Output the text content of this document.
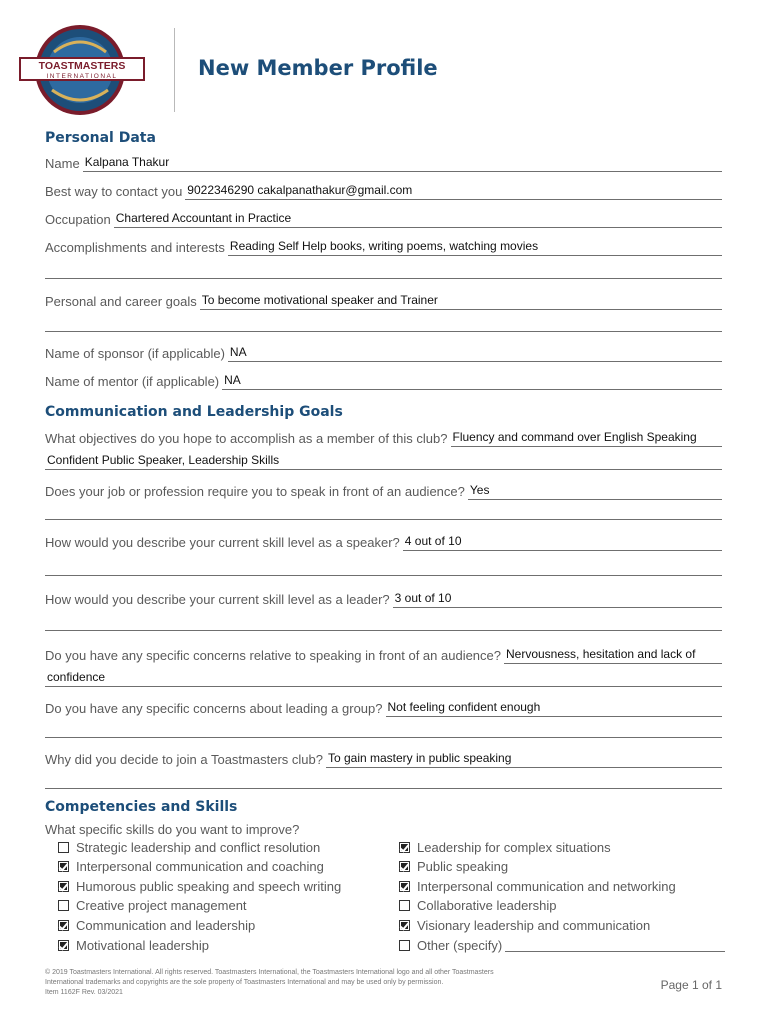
TOASTMASTERS
INTERNATIONAL	New Member Profile
Personal Data
Name Kalpana Thakur
Best way to contact you 9022346290 cakalpanathakur@gmail.com
Occupation Chartered Accountant in Practice
Accomplishments and interests Reading Self Help books, writing poems, watching movies
Personal and career goals To become motivational speaker and Trainer
Name of sponsor (if applicable) NA
Name of mentor (if applicable) NA
Communication and Leadership Goals
What objectives do you hope to accomplish as a member of this club? Fluency and command over English Speaking
Confident Public Speaker, Leadership Skills
Does your job or profession require you to speak in front of an audience? Yes
How would you describe your current skill level as a speaker? 4 out of 10
How would you describe your current skill level as a leader? 3 out of 10
Do you have any specific concerns relative to speaking in front of an audience? Nervousness, hesitation and lack of
confidence
Do you have any specific concerns about leading a group? Not feeling confident enough
Why did you decide to join a Toastmasters club? To gain mastery in public speaking
Competencies and Skills
What specific skills do you want to improve?
Strategic leadership and conflict resolution
Interpersonal communication and coaching
Humorous public speaking and speech writing
Creative project management
Communication and leadership
Motivational leadership
Leadership for complex situations
Public speaking
Interpersonal communication and networking
Collaborative leadership
Visionary leadership and communication
Other (specify)
© 2019 Toastmasters International. All rights reserved. Toastmasters International, the Toastmasters International logo and all other Toastmasters
International trademarks and copyrights are the sole property of Toastmasters International and may be used only by permission.
Item 1162F Rev. 03/2021
Page 1 of 1
